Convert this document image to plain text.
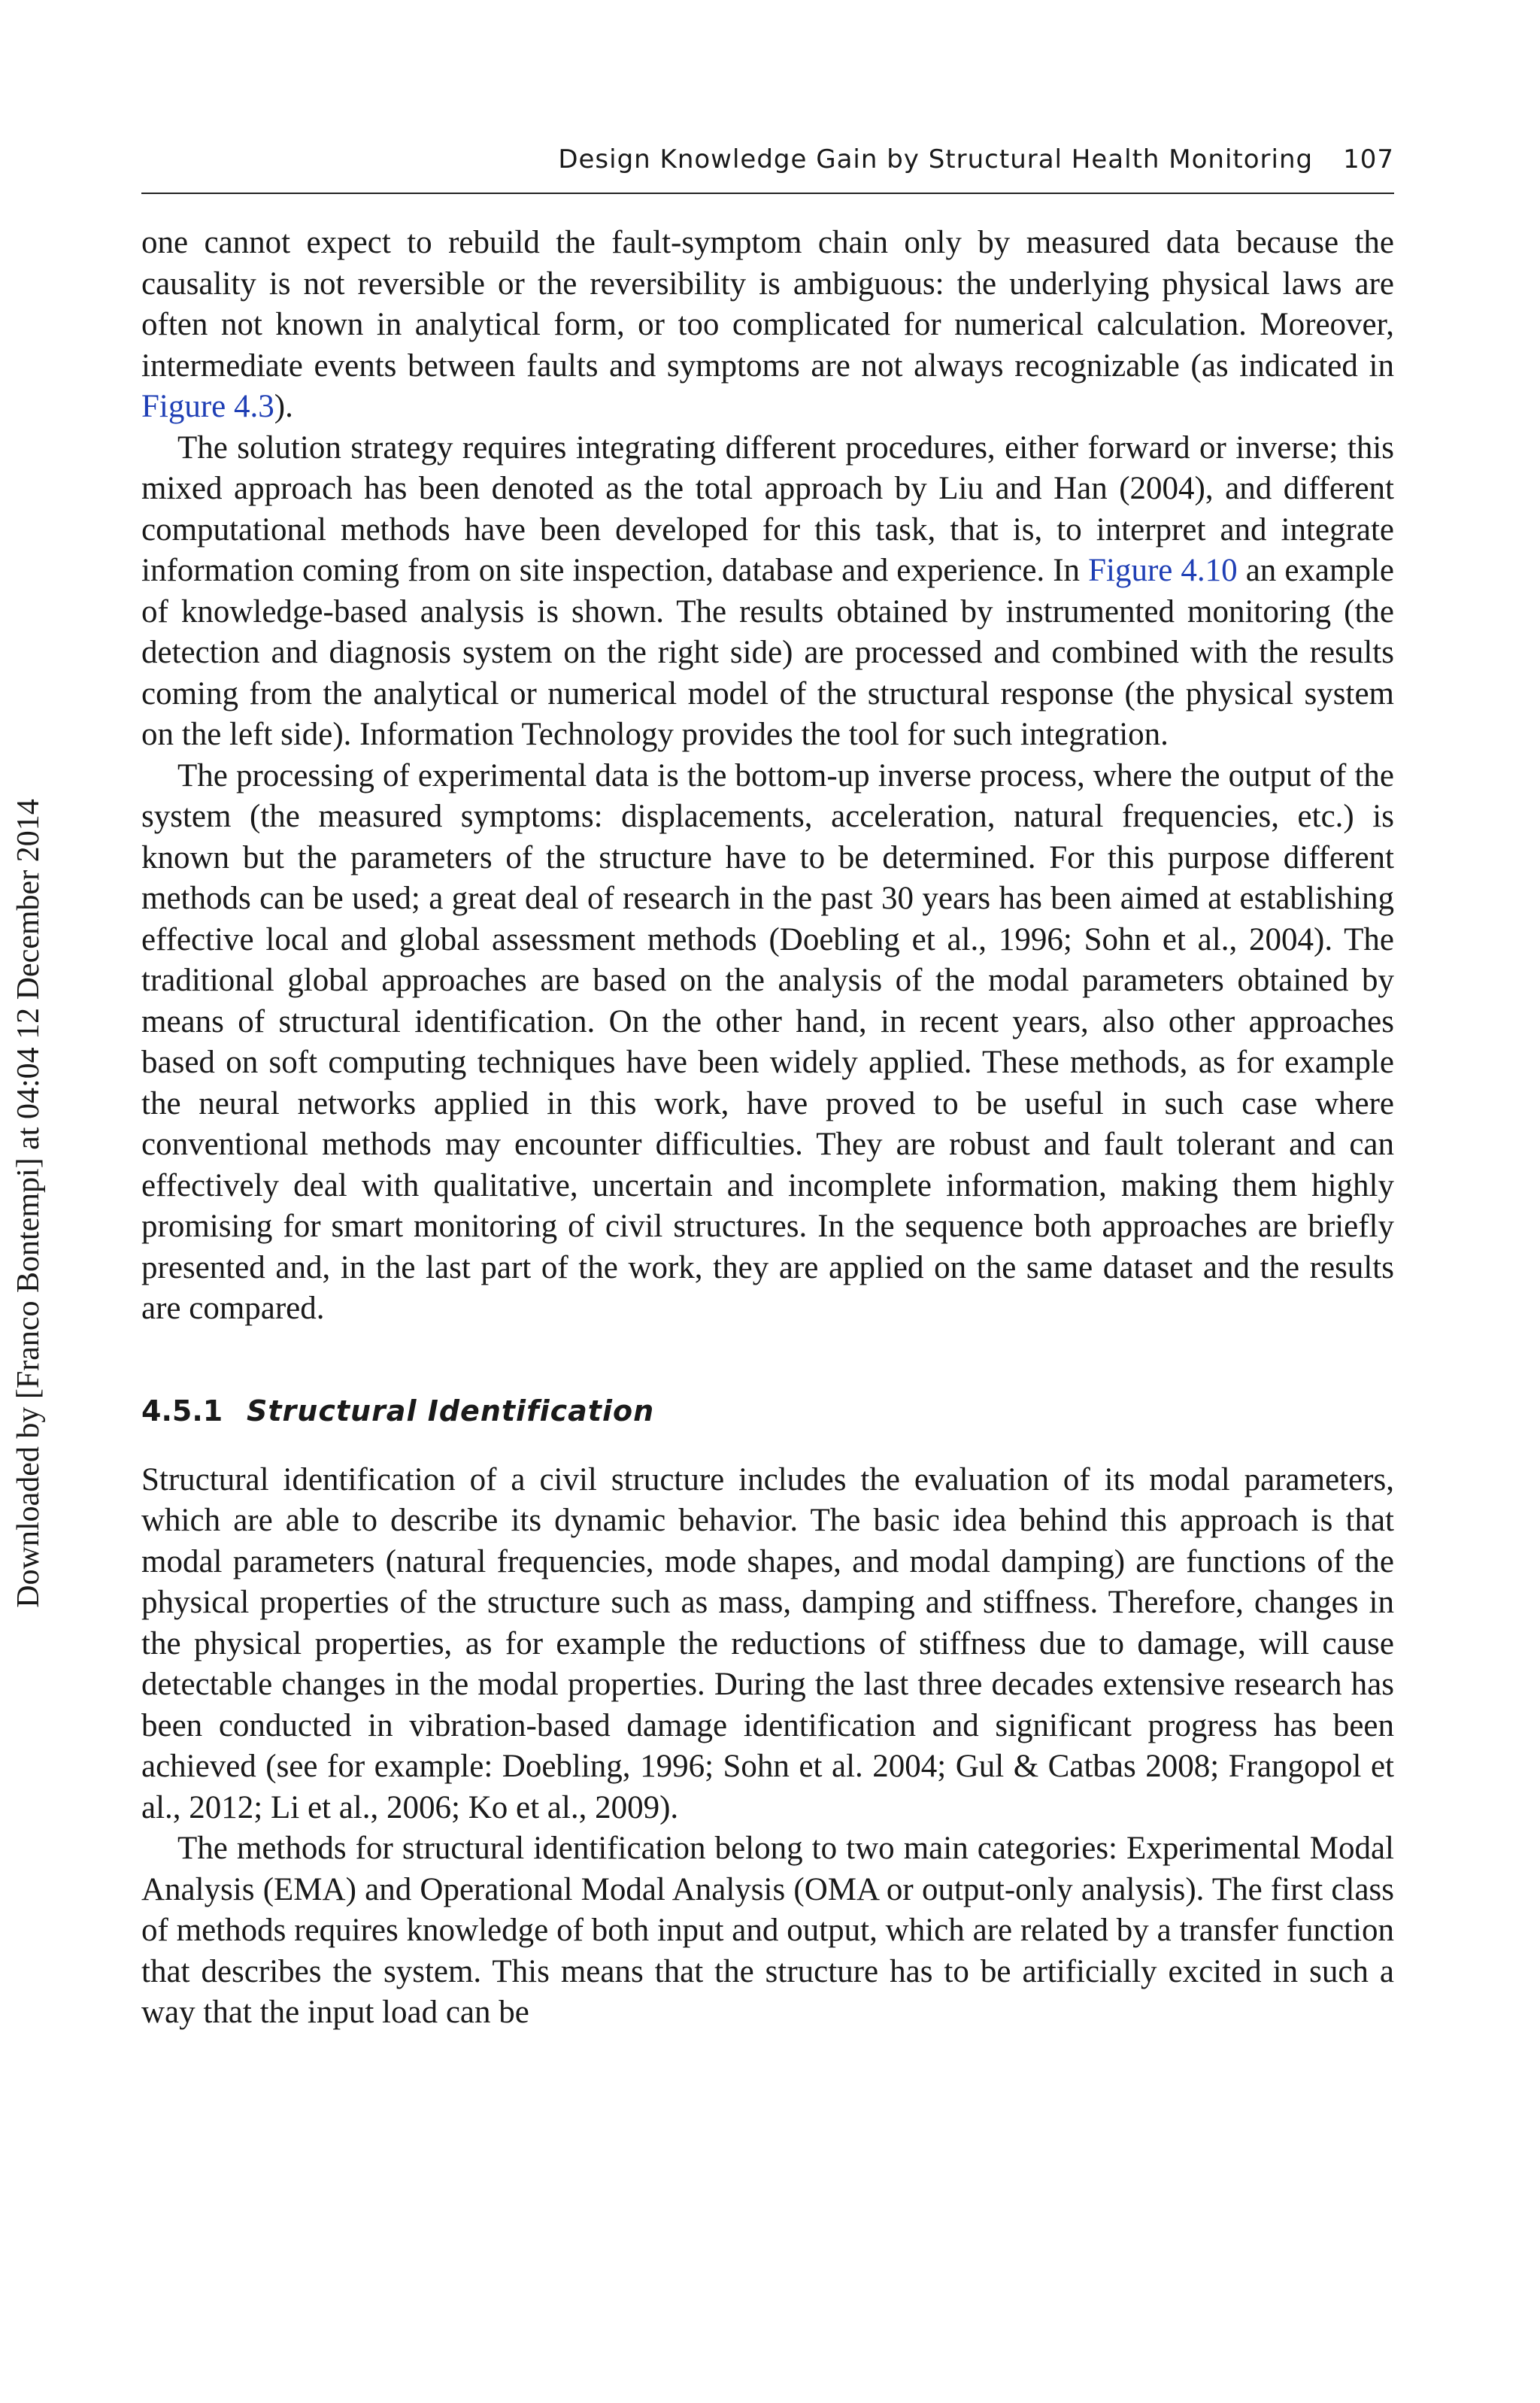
Design Knowledge Gain by Structural Health Monitoring 107
Downloaded by [Franco Bontempi] at 04:04 12 December 2014

one cannot expect to rebuild the fault-symptom chain only by measured data because the causality is not reversible or the reversibility is ambiguous: the underlying physical laws are often not known in analytical form, or too complicated for numerical calculation. Moreover, intermediate events between faults and symptoms are not always recognizable (as indicated in Figure 4.3).

The solution strategy requires integrating different procedures, either forward or inverse; this mixed approach has been denoted as the total approach by Liu and Han (2004), and different computational methods have been developed for this task, that is, to interpret and integrate information coming from on site inspection, database and experience. In Figure 4.10 an example of knowledge-based analysis is shown. The results obtained by instrumented monitoring (the detection and diagnosis system on the right side) are processed and combined with the results coming from the analytical or numerical model of the structural response (the physical system on the left side). Information Technology provides the tool for such integration.

The processing of experimental data is the bottom-up inverse process, where the output of the system (the measured symptoms: displacements, acceleration, natural frequencies, etc.) is known but the parameters of the structure have to be determined. For this purpose different methods can be used; a great deal of research in the past 30 years has been aimed at establishing effective local and global assessment methods (Doebling et al., 1996; Sohn et al., 2004). The traditional global approaches are based on the analysis of the modal parameters obtained by means of structural identification. On the other hand, in recent years, also other approaches based on soft computing techniques have been widely applied. These methods, as for example the neural networks applied in this work, have proved to be useful in such case where conventional methods may encounter difficulties. They are robust and fault tolerant and can effectively deal with qualitative, uncertain and incomplete information, making them highly promising for smart monitoring of civil structures. In the sequence both approaches are briefly presented and, in the last part of the work, they are applied on the same dataset and the results are compared.

4.5.1 Structural Identification

Structural identification of a civil structure includes the evaluation of its modal parameters, which are able to describe its dynamic behavior. The basic idea behind this approach is that modal parameters (natural frequencies, mode shapes, and modal damping) are functions of the physical properties of the structure such as mass, damping and stiffness. Therefore, changes in the physical properties, as for example the reductions of stiffness due to damage, will cause detectable changes in the modal properties. During the last three decades extensive research has been conducted in vibration-based damage identification and significant progress has been achieved (see for example: Doebling, 1996; Sohn et al. 2004; Gul & Catbas 2008; Frangopol et al., 2012; Li et al., 2006; Ko et al., 2009).

The methods for structural identification belong to two main categories: Experimental Modal Analysis (EMA) and Operational Modal Analysis (OMA or output-only analysis). The first class of methods requires knowledge of both input and output, which are related by a transfer function that describes the system. This means that the structure has to be artificially excited in such a way that the input load can be
